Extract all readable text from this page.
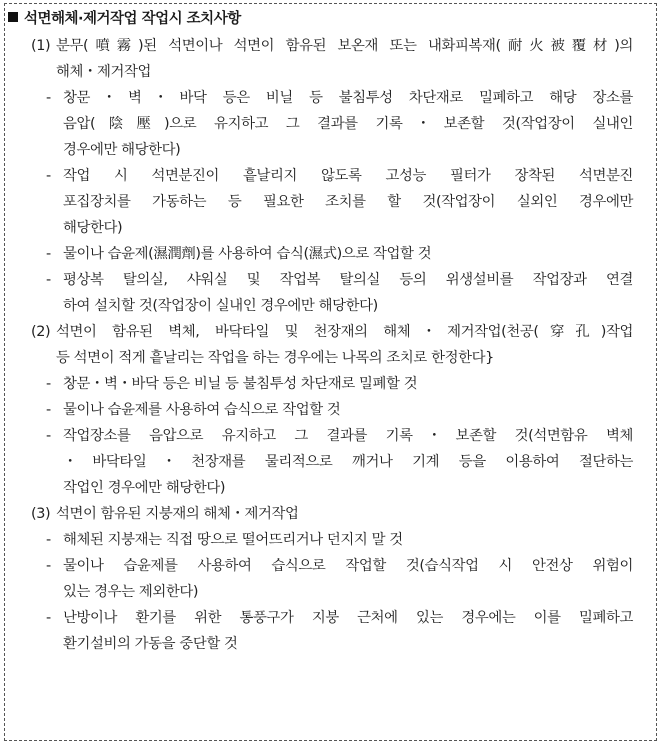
석면해체·제거작업 작업시 조치사항
(1) 분무(噴霧)된 석면이나 석면이 함유된 보온재 또는 내화피복재(耐火被覆材)의
해체・제거작업
- 창문・벽・바닥 등은 비닐 등 불침투성 차단재로 밀폐하고 해당 장소를
음압(陰壓)으로 유지하고 그 결과를 기록・보존할 것(작업장이 실내인
경우에만 해당한다)
- 작업 시 석면분진이 흩날리지 않도록 고성능 필터가 장착된 석면분진
포집장치를 가동하는 등 필요한 조치를 할 것(작업장이 실외인 경우에만
해당한다)
- 물이나 습윤제(濕潤劑)를 사용하여 습식(濕式)으로 작업할 것
- 평상복 탈의실, 샤워실 및 작업복 탈의실 등의 위생설비를 작업장과 연결
하여 설치할 것(작업장이 실내인 경우에만 해당한다)
(2) 석면이 함유된 벽체, 바닥타일 및 천장재의 해체・제거작업(천공(穿孔)작업
등 석면이 적게 흩날리는 작업을 하는 경우에는 나목의 조치로 한정한다}
- 창문・벽・바닥 등은 비닐 등 불침투성 차단재로 밀폐할 것
- 물이나 습윤제를 사용하여 습식으로 작업할 것
- 작업장소를 음압으로 유지하고 그 결과를 기록・보존할 것(석면함유 벽체
・바닥타일・천장재를 물리적으로 깨거나 기계 등을 이용하여 절단하는
작업인 경우에만 해당한다)
(3) 석면이 함유된 지붕재의 해체・제거작업
- 해체된 지붕재는 직접 땅으로 떨어뜨리거나 던지지 말 것
- 물이나 습윤제를 사용하여 습식으로 작업할 것(습식작업 시 안전상 위험이
있는 경우는 제외한다)
- 난방이나 환기를 위한 통풍구가 지붕 근처에 있는 경우에는 이를 밀폐하고
환기설비의 가동을 중단할 것
